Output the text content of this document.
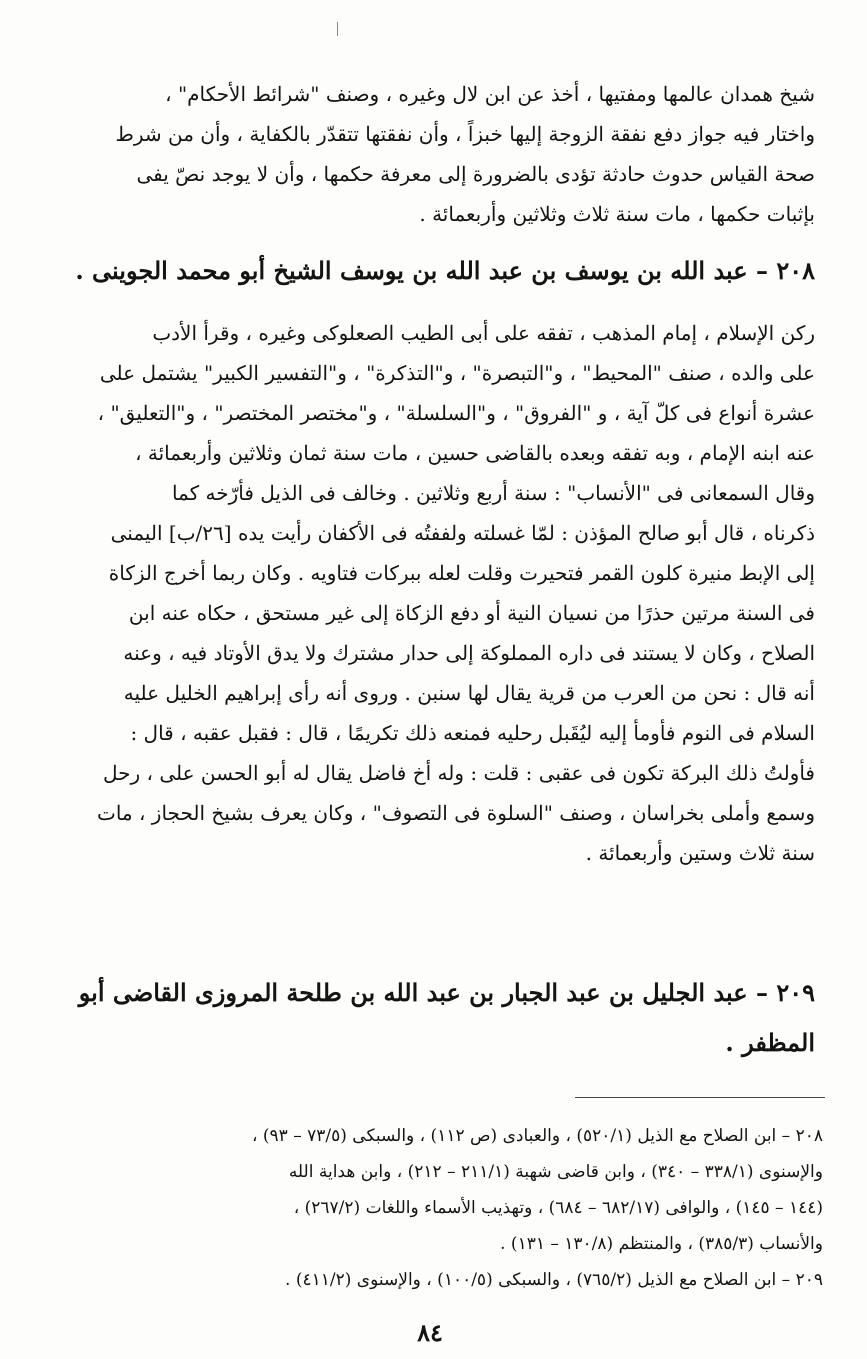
شيخ همدان عالمها ومفتيها ، أخذ عن ابن لال وغيره ، وصنف "شرائط الأحكام" ،
واختار فيه جواز دفع نفقة الزوجة إليها خبزاً ، وأن نفقتها تتقدّر بالكفاية ، وأن من شرط
صحة القياس حدوث حادثة تؤدى بالضرورة إلى معرفة حكمها ، وأن لا يوجد نصّ يفى
بإثبات حكمها ، مات سنة ثلاث وثلاثين وأربعمائة .
٢٠٨ – عبد الله بن يوسف بن عبد الله بن يوسف الشيخ أبو محمد الجوينى .
ركن الإسلام ، إمام المذهب ، تفقه على أبى الطيب الصعلوكى وغيره ، وقرأ الأدب
على والده ، صنف "المحيط" ، و"التبصرة" ، و"التذكرة" ، و"التفسير الكبير" يشتمل على
عشرة أنواع فى كلّ آية ، و "الفروق" ، و"السلسلة" ، و"مختصر المختصر" ، و"التعليق" ،
عنه ابنه الإمام ، وبه تفقه وبعده بالقاضى حسين ، مات سنة ثمان وثلاثين وأربعمائة ،
وقال السمعانى فى "الأنساب" : سنة أربع وثلاثين . وخالف فى الذيل فأرّخه كما
ذكرناه ، قال أبو صالح المؤذن : لمّا غسلته ولففتُه فى الأكفان رأيت يده [٢٦/ب] اليمنى
إلى الإبط منيرة كلون القمر فتحيرت وقلت لعله ببركات فتاويه . وكان ربما أخرج الزكاة
فى السنة مرتين حذرًا من نسيان النية أو دفع الزكاة إلى غير مستحق ، حكاه عنه ابن
الصلاح ، وكان لا يستند فى داره المملوكة إلى حدار مشترك ولا يدق الأوتاد فيه ، وعنه
أنه قال : نحن من العرب من قرية يقال لها سنبن . وروى أنه رأى إبراهيم الخليل عليه
السلام فى النوم فأومأ إليه ليُقَبل رحليه فمنعه ذلك تكريمًا ، قال : فقبل عقبه ، قال :
فأولتُ ذلك البركة تكون فى عقبى : قلت : وله أخ فاضل يقال له أبو الحسن على ، رحل
وسمع وأملى بخراسان ، وصنف "السلوة فى التصوف" ، وكان يعرف بشيخ الحجاز ، مات
سنة ثلاث وستين وأربعمائة .
٢٠٩ – عبد الجليل بن عبد الجبار بن عبد الله بن طلحة المروزى القاضى أبو
المظفر .
٢٠٨ – ابن الصلاح مع الذيل (٥٢٠/١) ، والعبادى (ص ١١٢) ، والسبكى (٧٣/٥ – ٩٣) ،
والإسنوى (٣٣٨/١ – ٣٤٠) ، وابن قاضى شهبة (٢١١/١ – ٢١٢) ، وابن هداية الله
(١٤٤ – ١٤٥) ، والوافى (٦٨٢/١٧ – ٦٨٤) ، وتهذيب الأسماء واللغات (٢٦٧/٢) ،
والأنساب (٣٨٥/٣) ، والمنتظم (١٣٠/٨ – ١٣١) .
٢٠٩ – ابن الصلاح مع الذيل (٧٦٥/٢) ، والسبكى (١٠٠/٥) ، والإسنوى (٤١١/٢) .
٨٤
